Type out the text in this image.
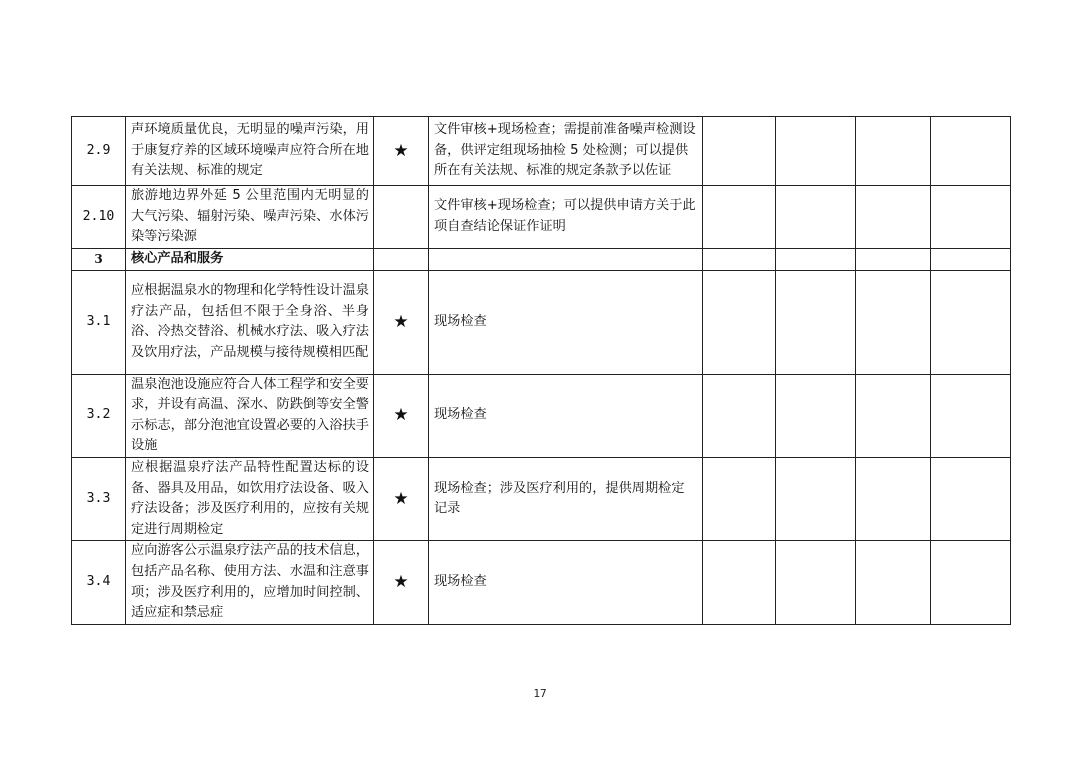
2.9	声环境质量优良，无明显的噪声污染，用于康复疗养的区域环境噪声应符合所在地有关法规、标准的规定	★	文件审核+现场检查；需提前准备噪声检测设备，供评定组现场抽检 5 处检测；可以提供所在有关法规、标准的规定条款予以佐证				
2.10	旅游地边界外延 5 公里范围内无明显的大气污染、辐射污染、噪声污染、水体污染等污染源		文件审核+现场检查；可以提供申请方关于此项自查结论保证作证明				
3	核心产品和服务						
3.1	应根据温泉水的物理和化学特性设计温泉疗法产品，包括但不限于全身浴、半身浴、冷热交替浴、机械水疗法、吸入疗法及饮用疗法，产品规模与接待规模相匹配	★	现场检查				
3.2	温泉泡池设施应符合人体工程学和安全要求，并设有高温、深水、防跌倒等安全警示标志，部分泡池宜设置必要的入浴扶手设施	★	现场检查				
3.3	应根据温泉疗法产品特性配置达标的设备、器具及用品，如饮用疗法设备、吸入疗法设备；涉及医疗利用的，应按有关规定进行周期检定	★	现场检查；涉及医疗利用的，提供周期检定记录				
3.4	应向游客公示温泉疗法产品的技术信息，包括产品名称、使用方法、水温和注意事项；涉及医疗利用的，应增加时间控制、适应症和禁忌症	★	现场检查				
17
